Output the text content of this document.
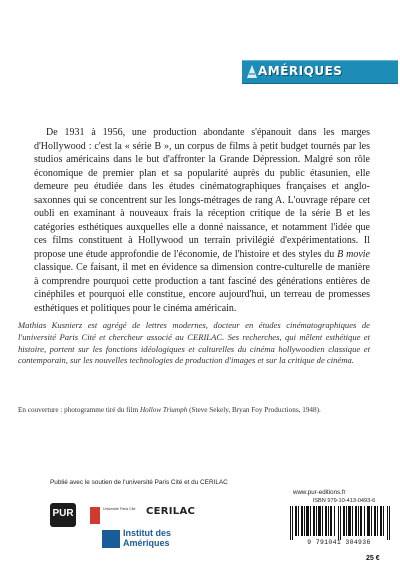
AMÉRIQUES

De 1931 à 1956, une production abondante s'épanouit dans les marges d'Hollywood : c'est la « série B », un corpus de films à petit budget tournés par les studios américains dans le but d'affronter la Grande Dépression. Malgré son rôle économique de premier plan et sa popularité auprès du public étasunien, elle demeure peu étudiée dans les études cinématographiques françaises et anglo-saxonnes qui se concentrent sur les longs-métrages de rang A. L'ouvrage répare cet oubli en examinant à nouveaux frais la réception critique de la série B et les catégories esthétiques auxquelles elle a donné naissance, et notamment l'idée que ces films constituent à Hollywood un terrain privilégié d'expérimentations. Il propose une étude approfondie de l'économie, de l'histoire et des styles du B movie classique. Ce faisant, il met en évidence sa dimension contre-culturelle de manière à comprendre pourquoi cette production a tant fasciné des générations entières de cinéphiles et pourquoi elle constitue, encore aujourd'hui, un terreau de promesses esthétiques et politiques pour le cinéma américain.

Mathias Kusnierz est agrégé de lettres modernes, docteur en études cinématographiques de l'université Paris Cité et chercheur associé au CERILAC. Ses recherches, qui mêlent esthétique et histoire, portent sur les fonctions idéologiques et culturelles du cinéma hollywoodien classique et contemporain, sur les nouvelles technologies de production d'images et sur la critique de cinéma.

En couverture : photogramme tiré du film Hollow Triumph (Steve Sekely, Bryan Foy Productions, 1948).

Publié avec le soutien de l'université Paris Cité et du CERILAC
www.pur-editions.fr
PUR	Université Paris Cité	CERILAC
Institut des
Amériques
ISBN 979-10-413-0493-6
9 791041 304936
25 €
